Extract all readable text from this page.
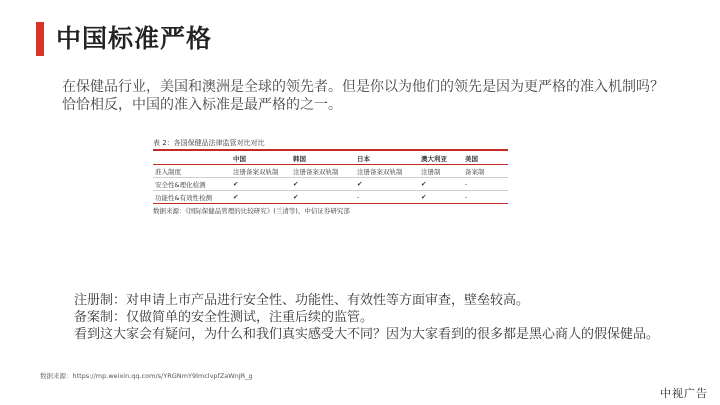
中国标准严格
在保健品行业，美国和澳洲是全球的领先者。但是你以为他们的领先是因为更严格的准入机制吗？
恰恰相反，中国的准入标准是最严格的之一。
表 2：各国保健品法律监管对比对比
	中国	韩国	日本	澳大利亚	美国
准入制度	注册备案双轨制	注册备案双轨制	注册备案双轨制	注册制	备案制
安全性&理化检测	✔	✔	✔	✔	-
功能性&有效性检测	✔	✔	-	✔	-
数据来源：《国际保健品管理的比较研究》(兰清等)、中信证券研究部
注册制：对申请上市产品进行安全性、功能性、有效性等方面审查，壁垒较高。
备案制：仅做简单的安全性测试，注重后续的监管。
看到这大家会有疑问，为什么和我们真实感受大不同？因为大家看到的很多都是黑心商人的假保健品。
数据来源：https://mp.weixin.qq.com/s/YRGNmY9lmclvpfZaWnJR_g
中视广告
